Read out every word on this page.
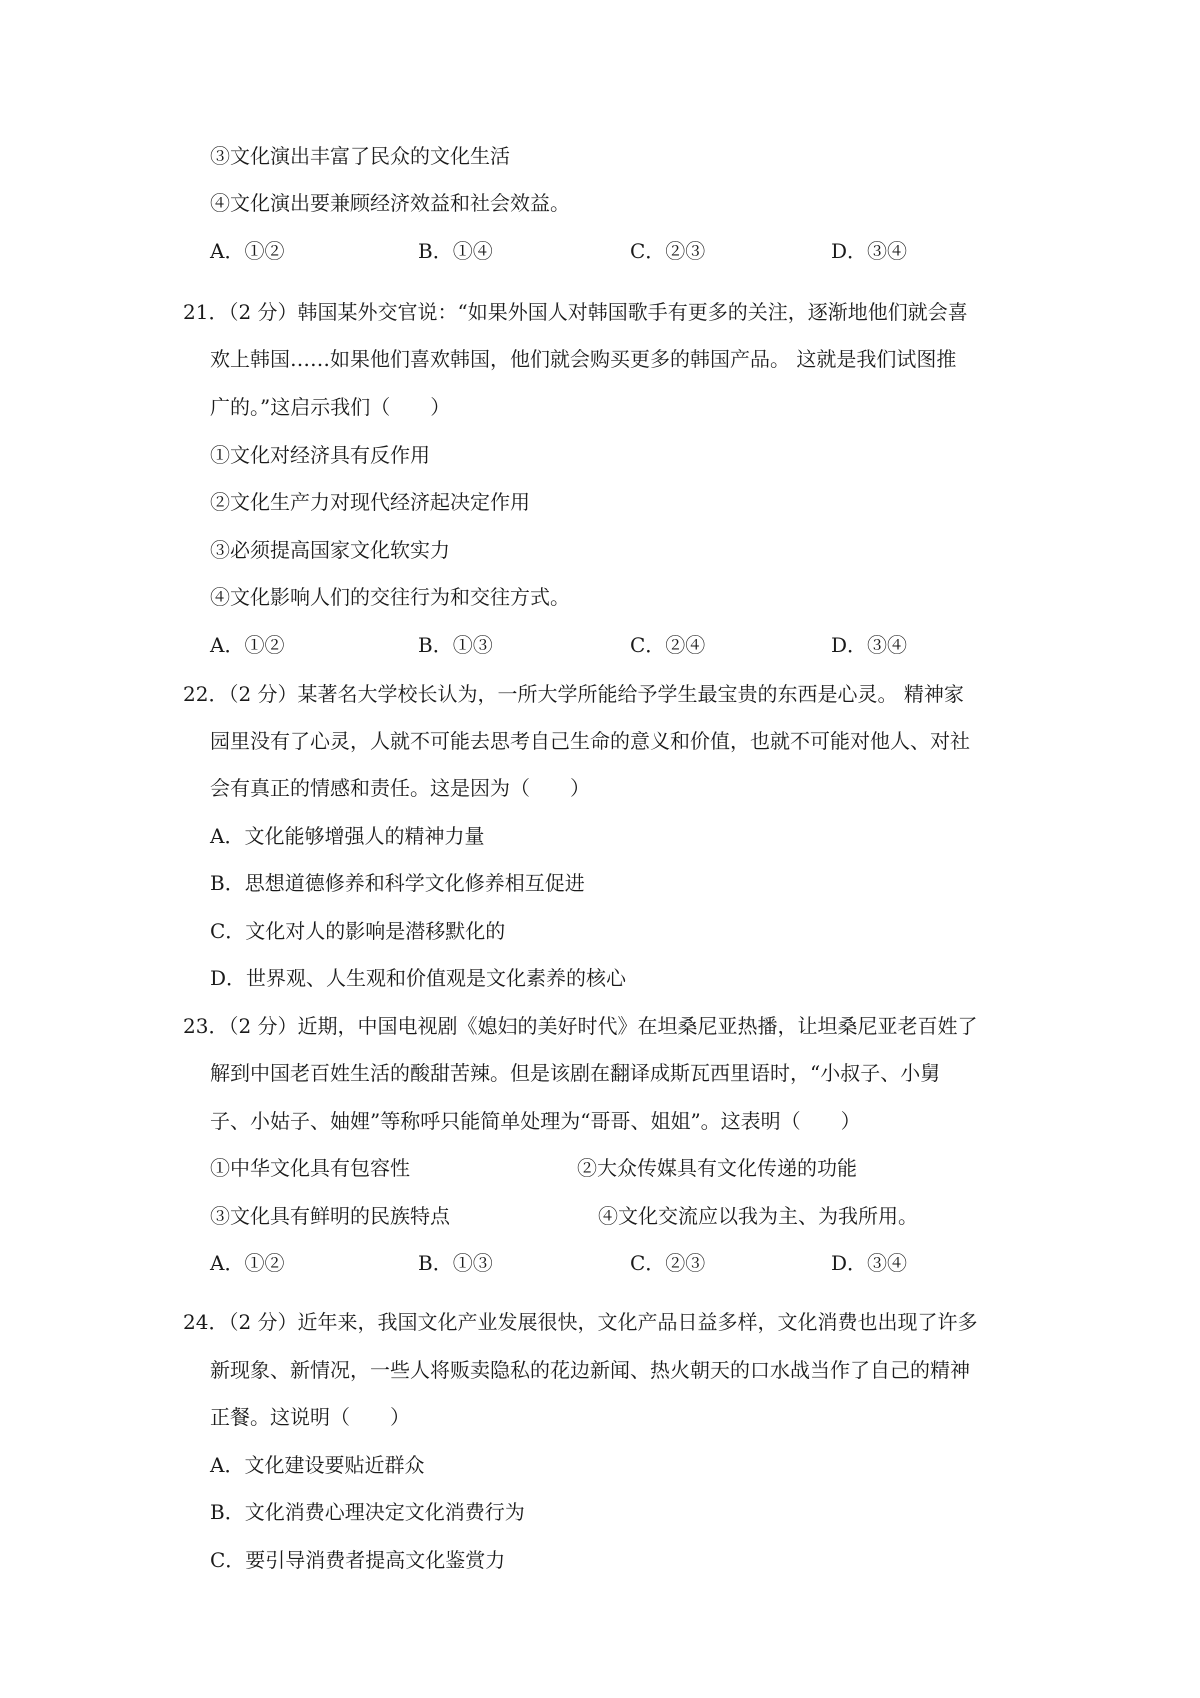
③文化演出丰富了民众的文化生活
④文化演出要兼顾经济效益和社会效益。
A．①②	B．①④	C．②③	D．③④
21．（2 分）韩国某外交官说：“如果外国人对韩国歌手有更多的关注，逐渐地他们就会喜
欢上韩国……如果他们喜欢韩国，他们就会购买更多的韩国产品。 这就是我们试图推
广的。”这启示我们（　　）
①文化对经济具有反作用
②文化生产力对现代经济起决定作用
③必须提高国家文化软实力
④文化影响人们的交往行为和交往方式。
A．①②	B．①③	C．②④	D．③④
22．（2 分）某著名大学校长认为，一所大学所能给予学生最宝贵的东西是心灵。 精神家
园里没有了心灵，人就不可能去思考自己生命的意义和价值，也就不可能对他人、对社
会有真正的情感和责任。这是因为（　　）
A．文化能够增强人的精神力量
B．思想道德修养和科学文化修养相互促进
C．文化对人的影响是潜移默化的
D．世界观、人生观和价值观是文化素养的核心
23．（2 分）近期，中国电视剧《媳妇的美好时代》在坦桑尼亚热播，让坦桑尼亚老百姓了
解到中国老百姓生活的酸甜苦辣。但是该剧在翻译成斯瓦西里语时，“小叔子、小舅
子、小姑子、妯娌”等称呼只能简单处理为“哥哥、姐姐”。这表明（　　）
①中华文化具有包容性	②大众传媒具有文化传递的功能
③文化具有鲜明的民族特点	④文化交流应以我为主、为我所用。
A．①②	B．①③	C．②③	D．③④
24．（2 分）近年来，我国文化产业发展很快，文化产品日益多样，文化消费也出现了许多
新现象、新情况，一些人将贩卖隐私的花边新闻、热火朝天的口水战当作了自己的精神
正餐。这说明（　　）
A．文化建设要贴近群众
B．文化消费心理决定文化消费行为
C．要引导消费者提高文化鉴赏力
